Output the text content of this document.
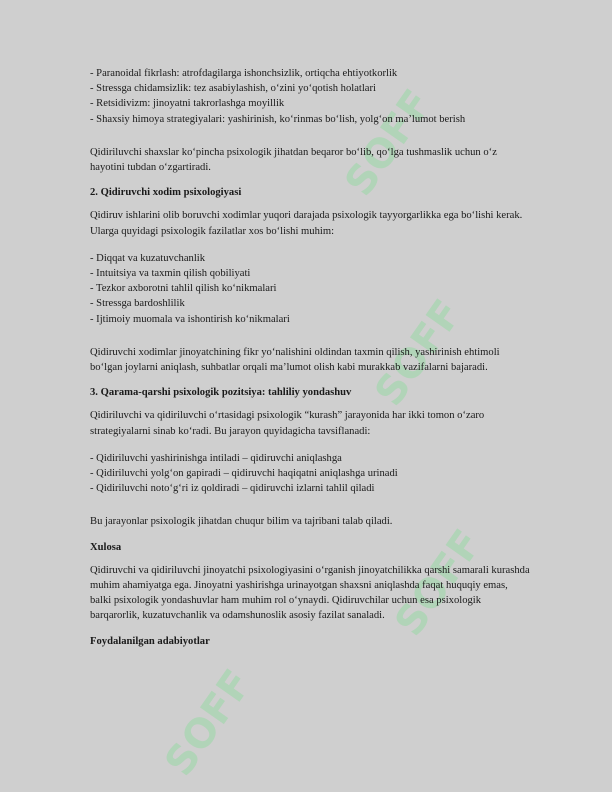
SOFF
SOFF
SOFF
SOFF
- Paranoidal fikrlash: atrofdagilarga ishonchsizlik, ortiqcha ehtiyotkorlik
- Stressga chidamsizlik: tez asabiylashish, o‘zini yo‘qotish holatlari
- Retsidivizm: jinoyatni takrorlashga moyillik
- Shaxsiy himoya strategiyalari: yashirinish, ko‘rinmas bo‘lish, yolg‘on ma’lumot berish

Qidiriluvchi shaxslar ko‘pincha psixologik jihatdan beqaror bo‘lib, qo‘lga tushmaslik uchun o‘z hayotini tubdan o‘zgartiradi.

2. Qidiruvchi xodim psixologiyasi

Qidiruv ishlarini olib boruvchi xodimlar yuqori darajada psixologik tayyorgarlikka ega bo‘lishi kerak. Ularga quyidagi psixologik fazilatlar xos bo‘lishi muhim:

- Diqqat va kuzatuvchanlik
- Intuitsiya va taxmin qilish qobiliyati
- Tezkor axborotni tahlil qilish ko‘nikmalari
- Stressga bardoshlilik
- Ijtimoiy muomala va ishontirish ko‘nikmalari

Qidiruvchi xodimlar jinoyatchining fikr yo‘nalishini oldindan taxmin qilish, yashirinish ehtimoli bo‘lgan joylarni aniqlash, suhbatlar orqali ma’lumot olish kabi murakkab vazifalarni bajaradi.

3. Qarama-qarshi psixologik pozitsiya: tahliliy yondashuv

Qidiriluvchi va qidiriluvchi o‘rtasidagi psixologik “kurash” jarayonida har ikki tomon o‘zaro strategiyalarni sinab ko‘radi. Bu jarayon quyidagicha tavsiflanadi:

- Qidiriluvchi yashirinishga intiladi – qidiruvchi aniqlashga
- Qidiriluvchi yolg‘on gapiradi – qidiruvchi haqiqatni aniqlashga urinadi
- Qidiriluvchi noto‘g‘ri iz qoldiradi – qidiruvchi izlarni tahlil qiladi

Bu jarayonlar psixologik jihatdan chuqur bilim va tajribani talab qiladi.

Xulosa

Qidiruvchi va qidiriluvchi jinoyatchi psixologiyasini o‘rganish jinoyatchilikka qarshi samarali kurashda muhim ahamiyatga ega. Jinoyatni yashirishga urinayotgan shaxsni aniqlashda faqat huquqiy emas, balki psixologik yondashuvlar ham muhim rol o‘ynaydi. Qidiruvchilar uchun esa psixologik barqarorlik, kuzatuvchanlik va odamshunoslik asosiy fazilat sanaladi.

Foydalanilgan adabiyotlar
